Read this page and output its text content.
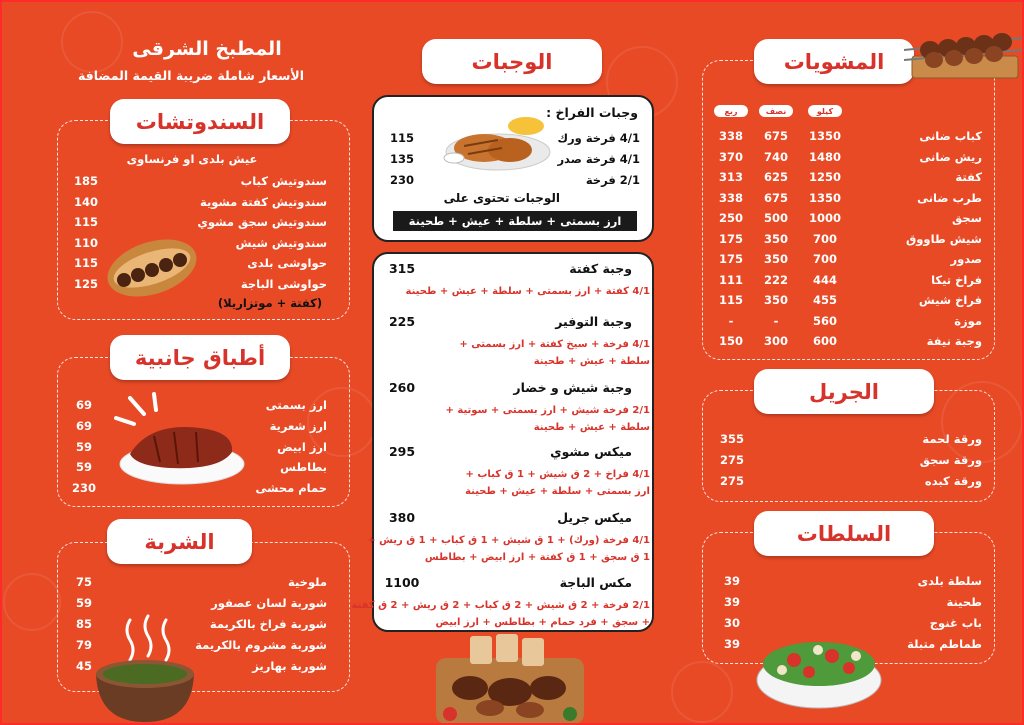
المشويات
كيلو
نصف
ربع
كباب ضانى
1350
675
338
ريش ضانى
1480
740
370
كفتة
1250
625
313
طرب ضانى
1350
675
338
سجق
1000
500
250
شيش طاووق
700
350
175
صدور
700
350
175
فراخ تيكا
444
222
111
فراخ شيش
455
350
115
موزة
560
-
-
وجبة نيفة
600
300
150
الجريل
ورقة لحمة
355
ورقة سجق
275
ورقة كبده
275
السلطات
سلطة بلدى
39
طحينة
39
باب غنوج
30
طماطم متبلة
39
الوجبات
وجبات الفراخ :
4/1 فرخة ورك
115
4/1 فرخة صدر
135
2/1 فرخة
230
الوجبات تحتوى على
ارز بسمتى + سلطة + عيش + طحينة
وجبة كفتة
315
4/1 كفتة + ارز بسمتى + سلطة + عيش + طحينة
وجبة التوفير
225
4/1 فرخة + سيخ كفتة + ارز بسمتى +
سلطة + عيش + طحينة
وجبة شيش و خضار
260
2/1 فرخة شيش + ارز بسمتى + سوتية +
سلطة + عيش + طحينة
ميكس مشوي
295
4/1 فراخ + 2 ق شيش + 1 ق كباب +
ارز بسمتى + سلطة + عيش + طحينة
ميكس جريل
380
4/1 فرخة (ورك) + 1 ق شيش + 1 ق كباب + 1 ق ريش +
1 ق سجق + 1 ق كفتة + ارز ابيض + بطاطس
مكس الباجة
1100
2/1 فرخة + 2 ق شيش + 2 ق كباب + 2 ق ريش + 2 ق كفتة
+ سجق + فرد حمام + بطاطس + ارز ابيض
المطبخ الشرقى
الأسعار شاملة ضريبة القيمة المضافة
السندوتشات
عيش بلدى او فرنساوى
سندوتيش كباب
185
سندوتيش كفتة مشوية
140
سندوتيش سجق مشوي
115
سندوتيش شيش
110
حواوشى بلدى
115
حواوشى الباجة
125
(كفتة + موتزاريلا)
أطباق جانبية
ارز بسمتى
69
ارز شعرية
69
ارز ابيض
59
بطاطس
59
حمام محشى
230
الشربة
ملوخية
75
شوربة لسان عصفور
59
شوربة فراخ بالكريمة
85
شوربة مشروم بالكريمة
79
شوربة بهاريز
45
